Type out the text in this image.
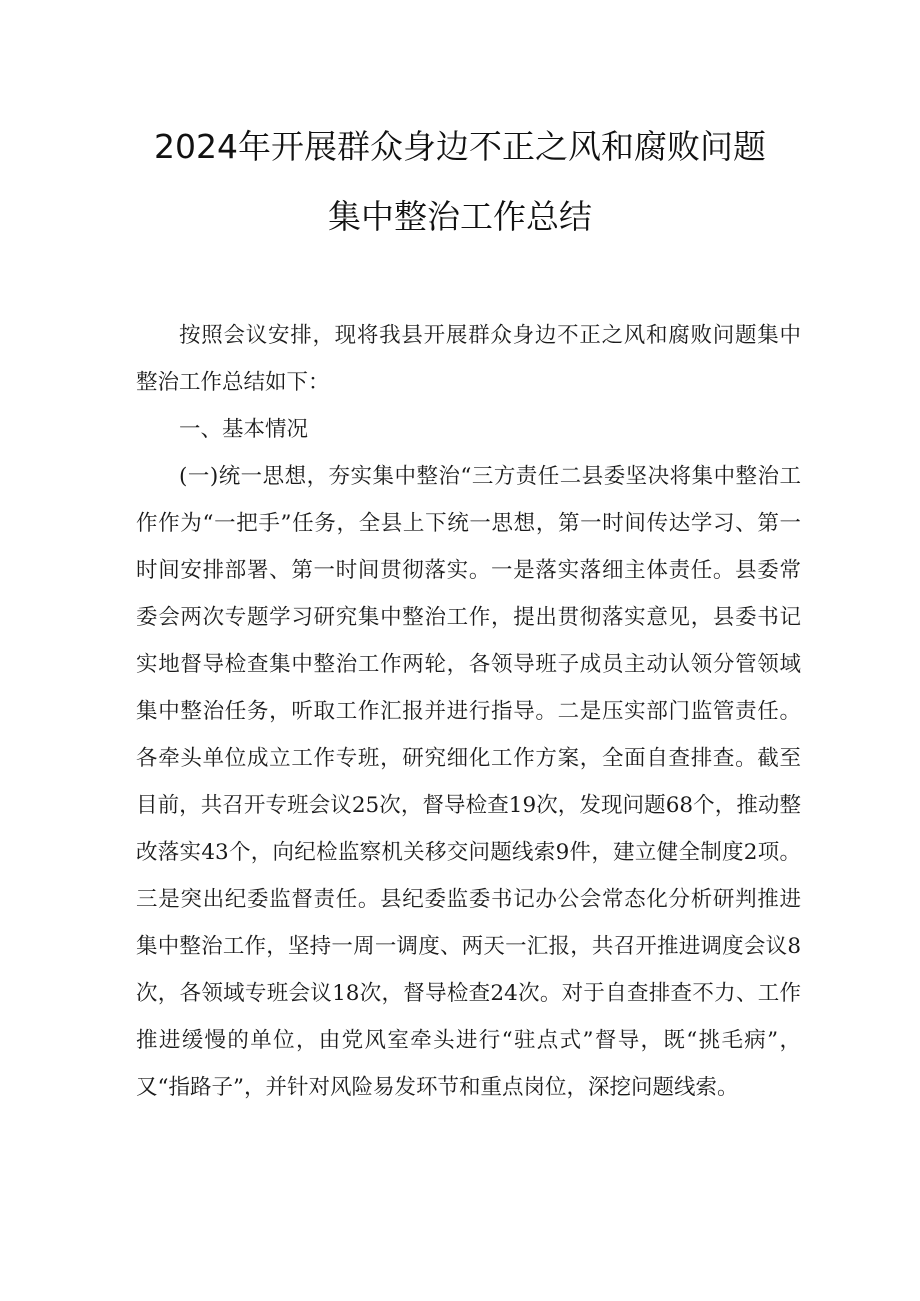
2024年开展群众身边不正之风和腐败问题
集中整治工作总结

按照会议安排，现将我县开展群众身边不正之风和腐败问题集中整治工作总结如下：

一、基本情况

(一)统一思想，夯实集中整治“三方责任二县委坚决将集中整治工作作为“一把手”任务，全县上下统一思想，第一时间传达学习、第一时间安排部署、第一时间贯彻落实。一是落实落细主体责任。县委常委会两次专题学习研究集中整治工作，提出贯彻落实意见，县委书记实地督导检查集中整治工作两轮，各领导班子成员主动认领分管领域集中整治任务，听取工作汇报并进行指导。二是压实部门监管责任。各牵头单位成立工作专班，研究细化工作方案，全面自查排查。截至目前，共召开专班会议25次，督导检查19次，发现问题68个，推动整改落实43个，向纪检监察机关移交问题线索9件，建立健全制度2项。三是突出纪委监督责任。县纪委监委书记办公会常态化分析研判推进集中整治工作，坚持一周一调度、两天一汇报，共召开推进调度会议8次，各领域专班会议18次，督导检查24次。对于自查排查不力、工作推进缓慢的单位，由党风室牵头进行“驻点式”督导，既“挑毛病”，又“指路子”，并针对风险易发环节和重点岗位，深挖问题线索。
